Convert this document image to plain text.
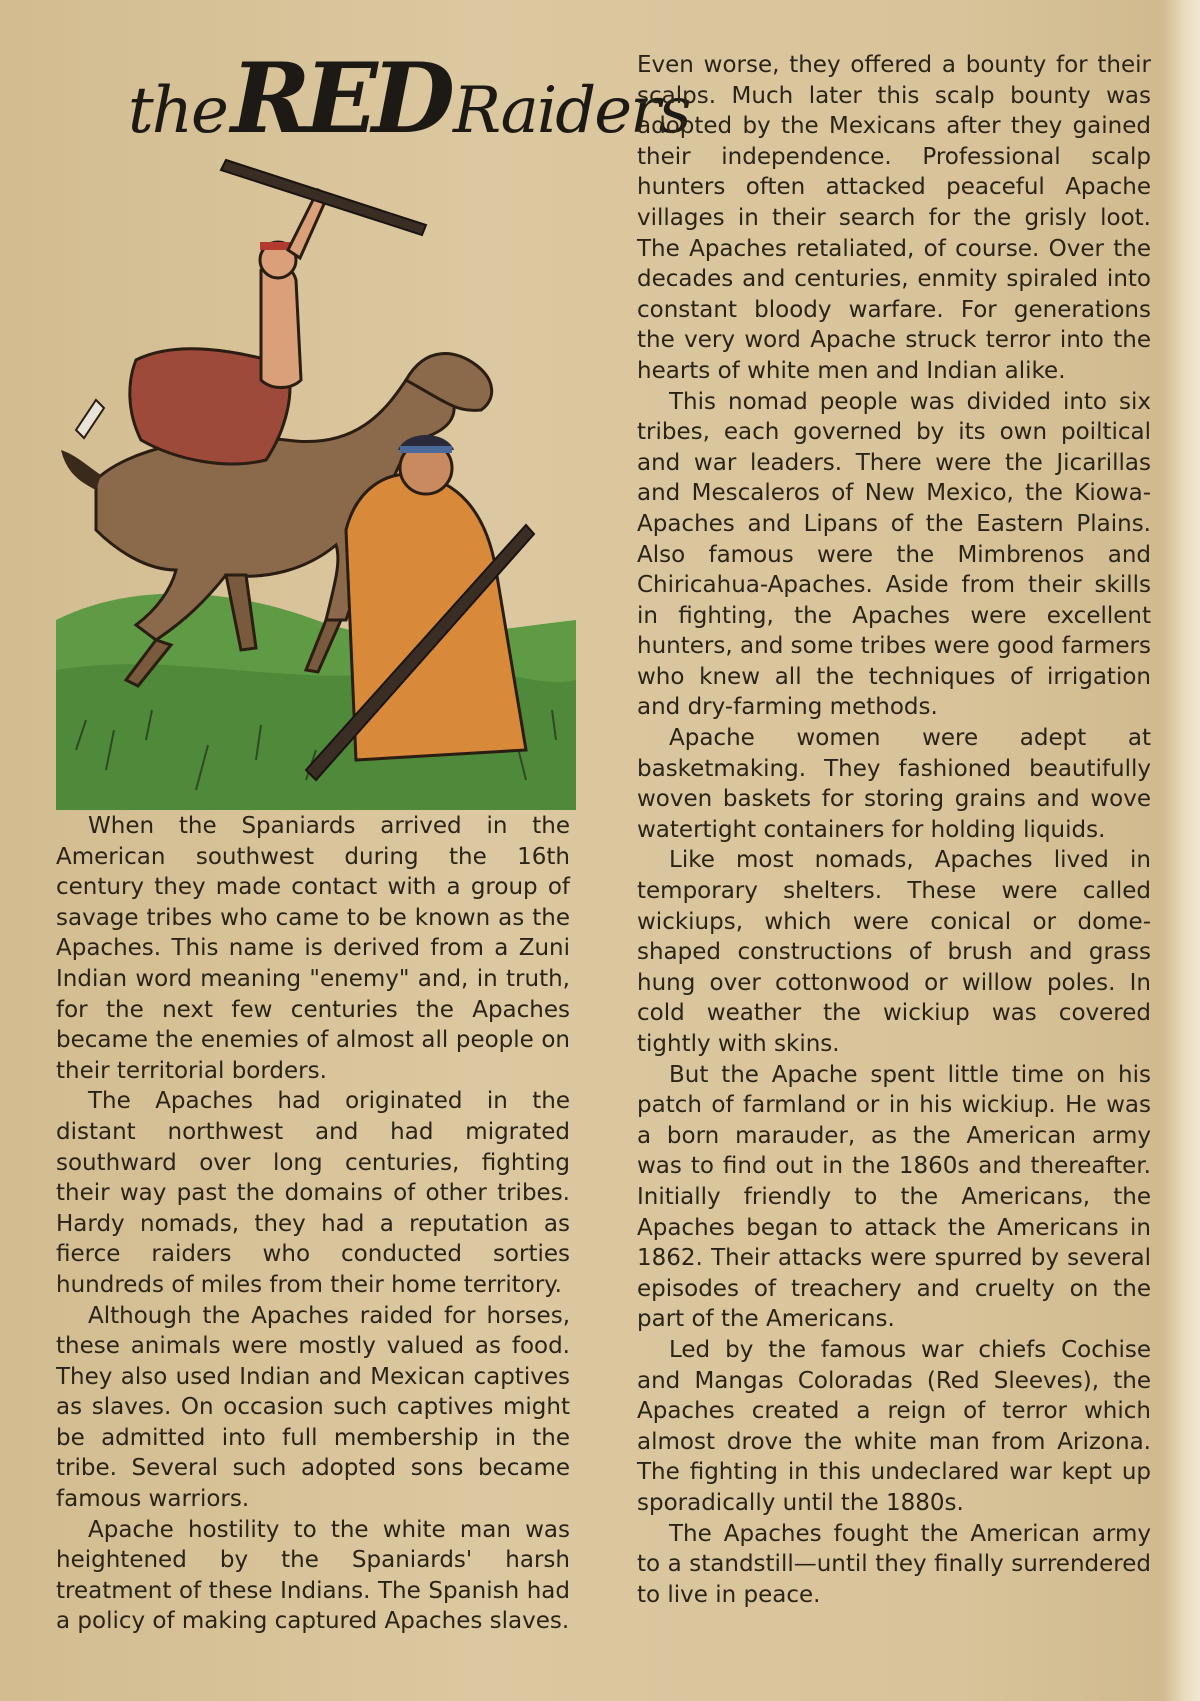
theREDRaiders

When the Spaniards arrived in the American southwest during the 16th century they made contact with a group of savage tribes who came to be known as the Apaches. This name is derived from a Zuni Indian word meaning "enemy" and, in truth, for the next few centuries the Apaches became the enemies of almost all people on their territorial borders.

The Apaches had originated in the distant northwest and had migrated southward over long centuries, fighting their way past the domains of other tribes. Hardy nomads, they had a reputation as fierce raiders who conducted sorties hundreds of miles from their home territory.

Although the Apaches raided for horses, these animals were mostly valued as food. They also used Indian and Mexican captives as slaves. On occasion such captives might be admitted into full membership in the tribe. Several such adopted sons became famous warriors.

Apache hostility to the white man was heightened by the Spaniards' harsh treatment of these Indians. The Spanish had a policy of making captured Apaches slaves.

Even worse, they offered a bounty for their scalps. Much later this scalp bounty was adopted by the Mexicans after they gained their independence. Professional scalp hunters often attacked peaceful Apache villages in their search for the grisly loot. The Apaches retaliated, of course. Over the decades and centuries, enmity spiraled into constant bloody warfare. For generations the very word Apache struck terror into the hearts of white men and Indian alike.

This nomad people was divided into six tribes, each governed by its own poiltical and war leaders. There were the Jicarillas and Mescaleros of New Mexico, the Kiowa-Apaches and Lipans of the Eastern Plains. Also famous were the Mimbrenos and Chiricahua-Apaches. Aside from their skills in fighting, the Apaches were excellent hunters, and some tribes were good farmers who knew all the techniques of irrigation and dry-farming methods.

Apache women were adept at basketmaking. They fashioned beautifully woven baskets for storing grains and wove watertight containers for holding liquids.

Like most nomads, Apaches lived in temporary shelters. These were called wickiups, which were conical or dome-shaped constructions of brush and grass hung over cottonwood or willow poles. In cold weather the wickiup was covered tightly with skins.

But the Apache spent little time on his patch of farmland or in his wickiup. He was a born marauder, as the American army was to find out in the 1860s and thereafter. Initially friendly to the Americans, the Apaches began to attack the Americans in 1862. Their attacks were spurred by several episodes of treachery and cruelty on the part of the Americans.

Led by the famous war chiefs Cochise and Mangas Coloradas (Red Sleeves), the Apaches created a reign of terror which almost drove the white man from Arizona. The fighting in this undeclared war kept up sporadically until the 1880s.

The Apaches fought the American army to a standstill—until they finally surrendered to live in peace.
